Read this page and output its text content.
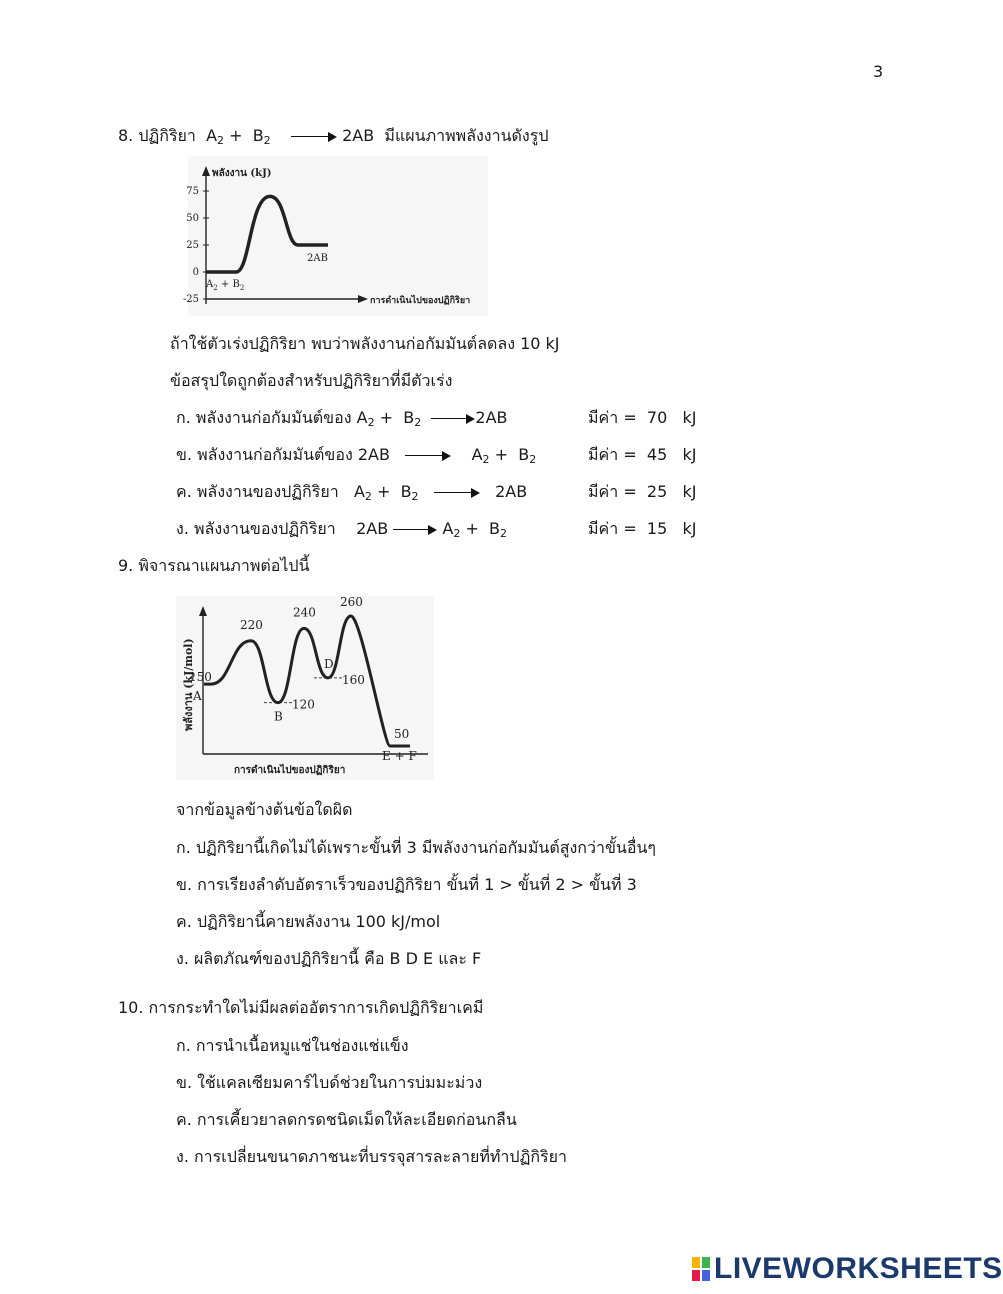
3
8. ปฏิกิริยา $A_2 + B_2$	2AB มีแผนภาพพลังงานดังรูป
พลังงาน (kJ)
การดำเนินไปของปฏิกิริยา
75
50
25
0
-25
$A_2 + B_2$
2AB
ถ้าใช้ตัวเร่งปฏิกิริยา พบว่าพลังงานก่อกัมมันต์ลดลง 10 kJ
ข้อสรุปใดถูกต้องสำหรับปฏิกิริยาที่มีตัวเร่ง
ก. พลังงานก่อกัมมันต์ของ $A_2 + B_2$	2AB	มีค่า = 70 kJ
ข. พลังงานก่อกัมมันต์ของ 2AB	$A_2 + B_2$	มีค่า = 45 kJ
ค. พลังงานของปฏิกิริยา $A_2 + B_2$	2AB	มีค่า = 25 kJ
ง. พลังงานของปฏิกิริยา 2AB	$A_2 + B_2$	มีค่า = 15 kJ
9. พิจารณาแผนภาพต่อไปนี้
พลังงาน (kJ/mol)
การดำเนินไปของปฏิกิริยา
150
220
120
240
160
260
50
A
B
D
E + F
จากข้อมูลข้างต้นข้อใดผิด
ก. ปฏิกิริยานี้เกิดไม่ได้เพราะขั้นที่ 3 มีพลังงานก่อกัมมันต์สูงกว่าขั้นอื่นๆ
ข. การเรียงลำดับอัตราเร็วของปฏิกิริยา ขั้นที่ 1 > ขั้นที่ 2 > ขั้นที่ 3
ค. ปฏิกิริยานี้คายพลังงาน 100 kJ/mol
ง. ผลิตภัณฑ์ของปฏิกิริยานี้ คือ B D E และ F
10. การกระทำใดไม่มีผลต่ออัตราการเกิดปฏิกิริยาเคมี
ก. การนำเนื้อหมูแช่ในช่องแช่แข็ง
ข. ใช้แคลเซียมคาร์ไบด์ช่วยในการบ่มมะม่วง
ค. การเคี้ยวยาลดกรดชนิดเม็ดให้ละเอียดก่อนกลืน
ง. การเปลี่ยนขนาดภาชนะที่บรรจุสารละลายที่ทำปฏิกิริยา
LIVEWORKSHEETS
